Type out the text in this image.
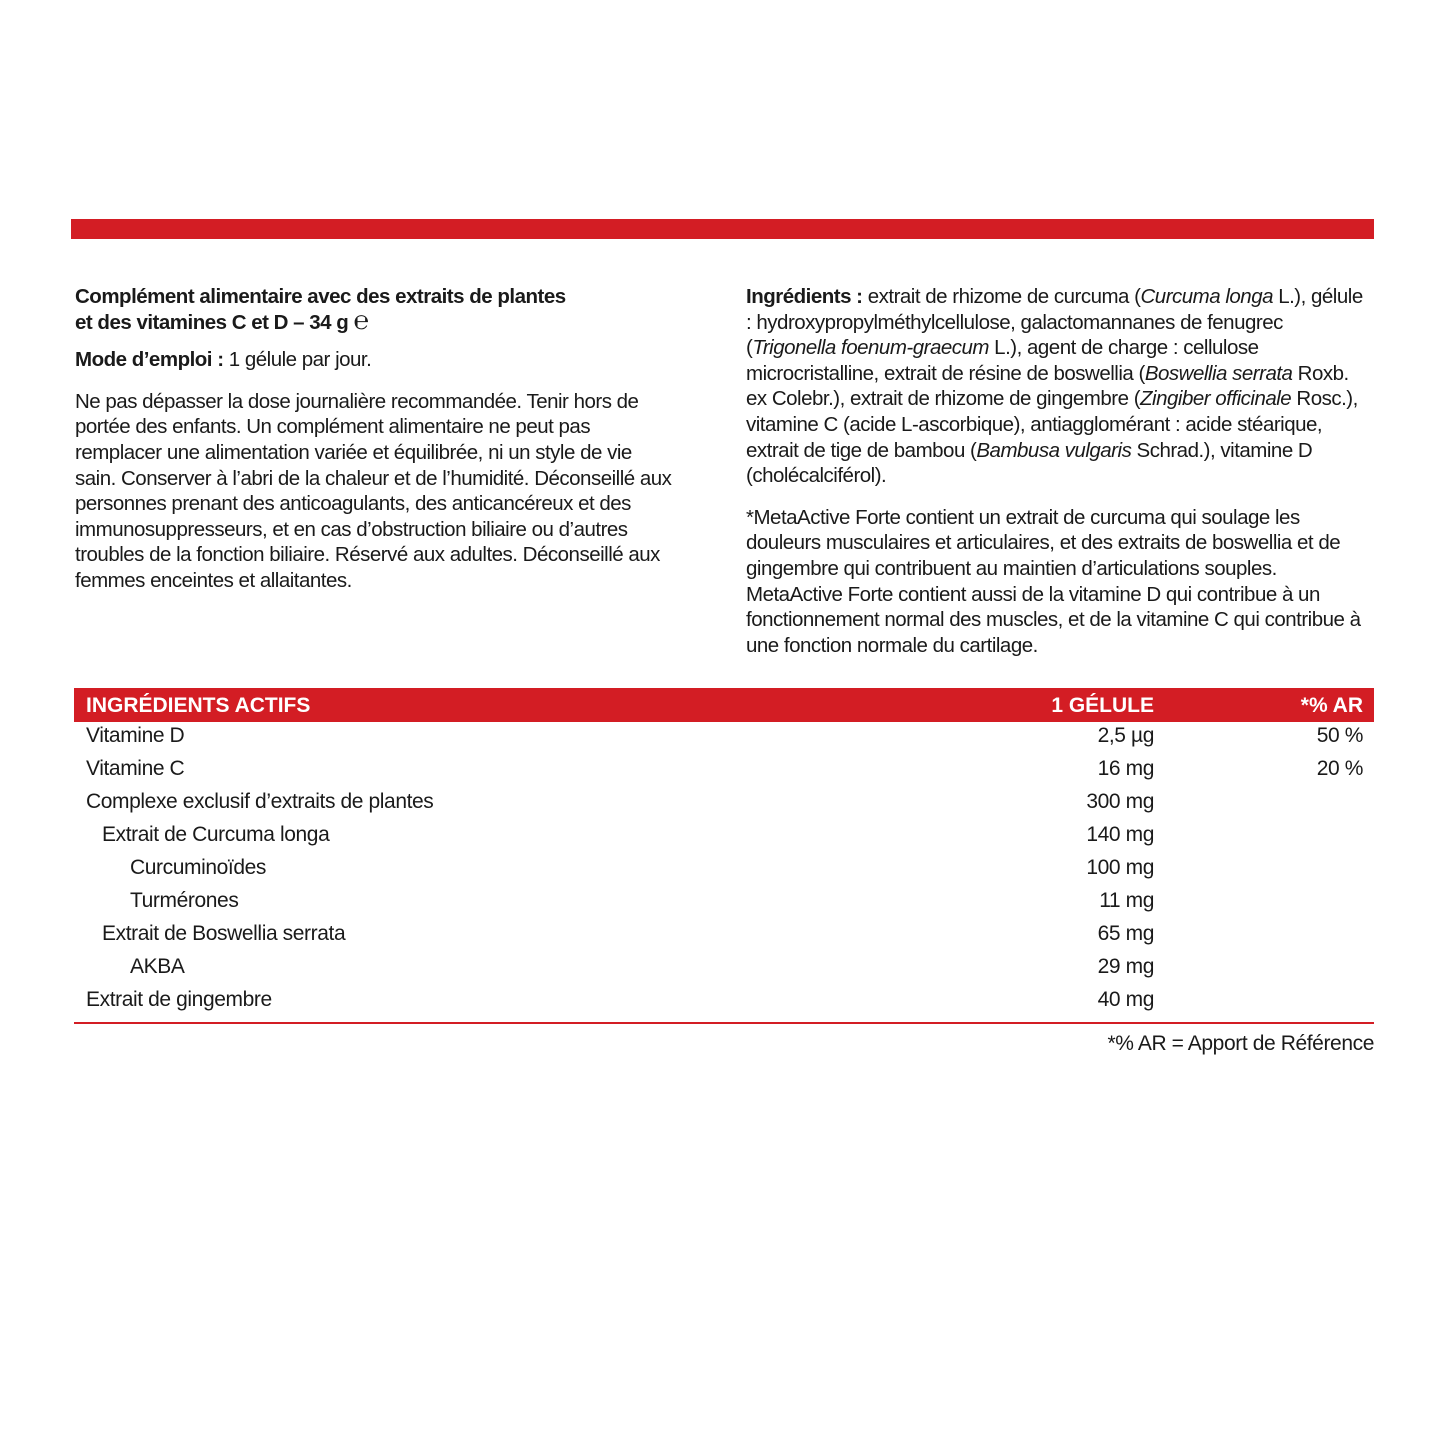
Complément alimentaire avec des extraits de plantes
et des vitamines C et D – 34 g ℮

Mode d’emploi : 1 gélule par jour.

Ne pas dépasser la dose journalière recommandée. Tenir hors de portée des enfants. Un complément alimentaire ne peut pas remplacer une alimentation variée et équilibrée, ni un style de vie sain. Conserver à l’abri de la chaleur et de l’humidité. Déconseillé aux personnes prenant des anticoagulants, des anticancéreux et des immunosuppresseurs, et en cas d’obstruction biliaire ou d’autres troubles de la fonction biliaire. Réservé aux adultes. Déconseillé aux femmes enceintes et allaitantes.

Ingrédients : extrait de rhizome de curcuma (Curcuma longa L.), gélule : hydroxypropylméthylcellulose, galactomannanes de fenugrec (Trigonella foenum-graecum L.), agent de charge : cellulose microcristalline, extrait de résine de boswellia (Boswellia serrata Roxb. ex Colebr.), extrait de rhizome de gingembre (Zingiber officinale Rosc.), vitamine C (acide L-ascorbique), antiagglomérant : acide stéarique, extrait de tige de bambou (Bambusa vulgaris Schrad.), vitamine D (cholécalciférol).

*MetaActive Forte contient un extrait de curcuma qui soulage les douleurs musculaires et articulaires, et des extraits de boswellia et de gingembre qui contribuent au maintien d’articulations souples. MetaActive Forte contient aussi de la vitamine D qui contribue à un fonctionnement normal des muscles, et de la vitamine C qui contribue à une fonction normale du cartilage.

INGRÉDIENTS ACTIFS	1 GÉLULE	*% AR
Vitamine D	2,5 µg	50 %
Vitamine C	16 mg	20 %
Complexe exclusif d’extraits de plantes	300 mg
Extrait de Curcuma longa	140 mg
Curcuminoïdes	100 mg
Turmérones	11 mg
Extrait de Boswellia serrata	65 mg
AKBA	29 mg
Extrait de gingembre	40 mg
*% AR = Apport de Référence
